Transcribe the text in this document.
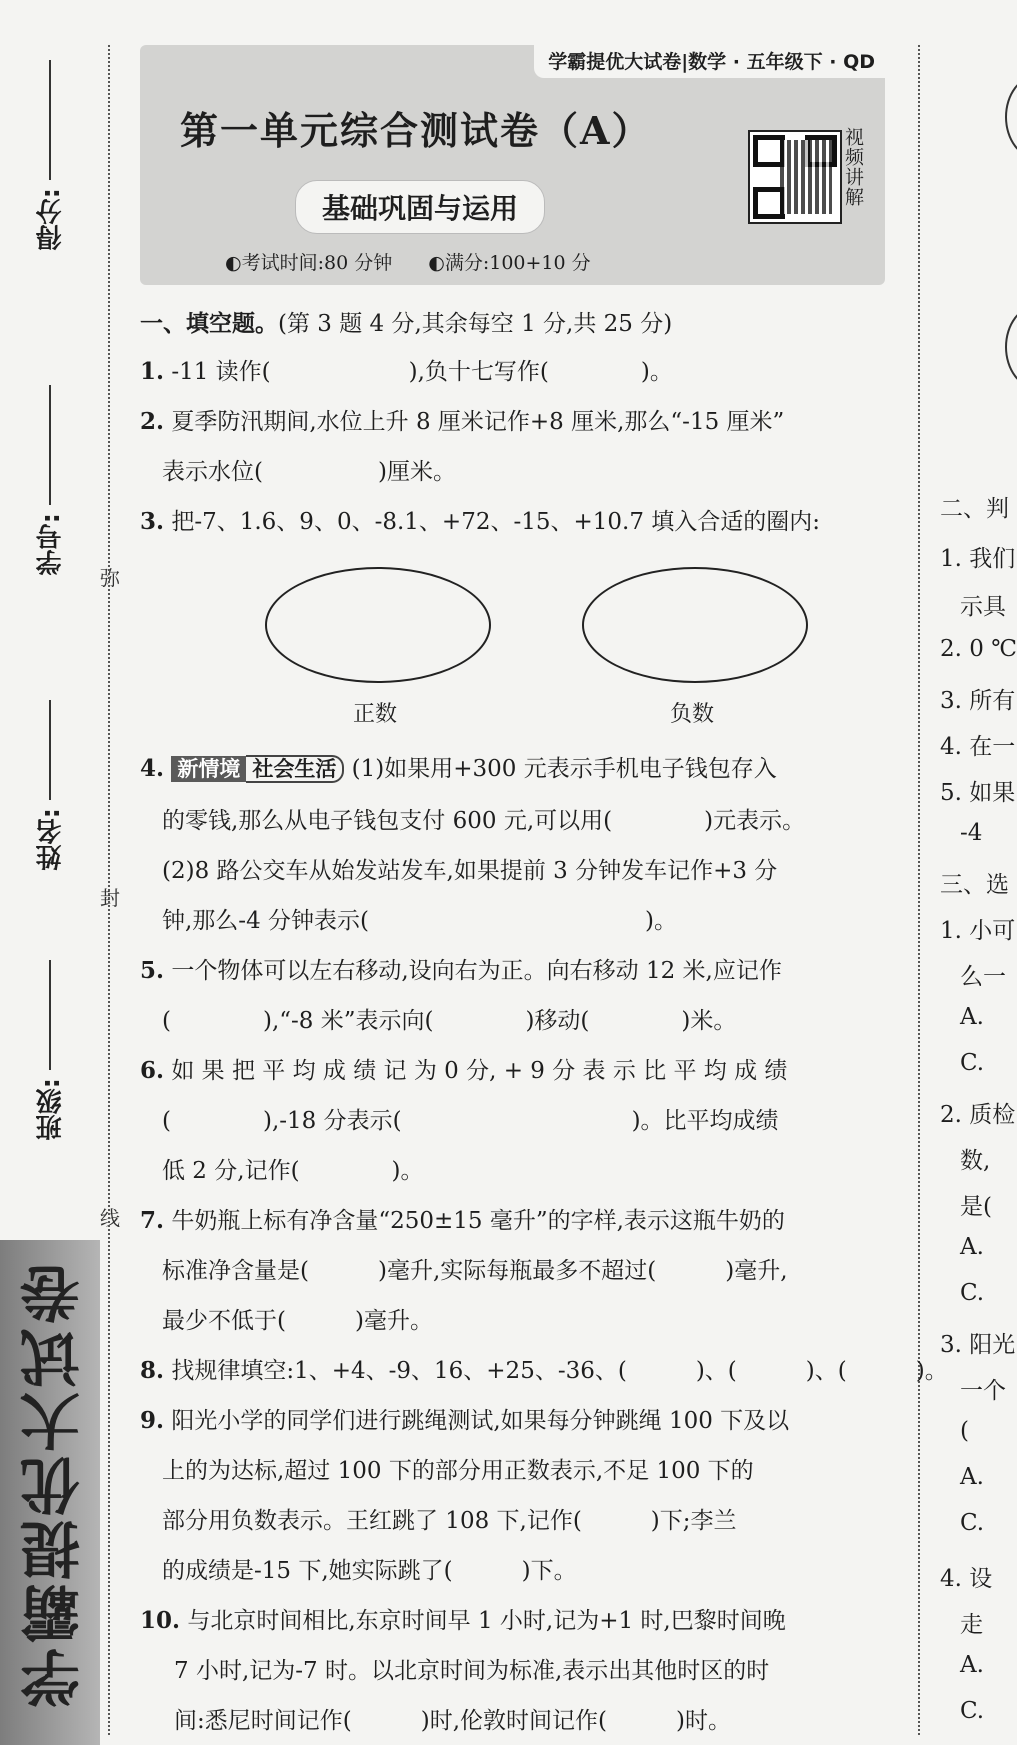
得分:
学号:
姓名:
班级:
弥
封
线
学霸提优大试卷
学霸提优大试卷|数学 · 五年级下 · QD
第一单元综合测试卷（A）
基础巩固与运用
视频讲解
◐考试时间:80 分钟 ◐满分:100+10 分
一、填空题。(第 3 题 4 分,其余每空 1 分,共 25 分)
1. -11 读作(　　　　　　),负十七写作(　　　　)。
2. 夏季防汛期间,水位上升 8 厘米记作+8 厘米,那么“-15 厘米”
表示水位(　　　　　)厘米。
3. 把-7、1.6、9、0、-8.1、+72、-15、+10.7 填入合适的圈内:
正数	负数
4. 新情境 社会生活 (1)如果用+300 元表示手机电子钱包存入
的零钱,那么从电子钱包支付 600 元,可以用(　　　　)元表示。
(2)8 路公交车从始发站发车,如果提前 3 分钟发车记作+3 分
钟,那么-4 分钟表示(　　　　　　　　　　　　)。
5. 一个物体可以左右移动,设向右为正。向右移动 12 米,应记作
(　　　　),“-8 米”表示向(　　　　)移动(　　　　)米。
6. 如 果 把 平 均 成 绩 记 为 0 分, + 9 分 表 示 比 平 均 成 绩
(　　　　),-18 分表示(　　　　　　　　　　)。比平均成绩
低 2 分,记作(　　　　)。
7. 牛奶瓶上标有净含量“250±15 毫升”的字样,表示这瓶牛奶的
标准净含量是(　　　)毫升,实际每瓶最多不超过(　　　)毫升,
最少不低于(　　　)毫升。
8. 找规律填空:1、+4、-9、16、+25、-36、(　　　)、(　　　)、(　　　)。
9. 阳光小学的同学们进行跳绳测试,如果每分钟跳绳 100 下及以
上的为达标,超过 100 下的部分用正数表示,不足 100 下的
部分用负数表示。王红跳了 108 下,记作(　　　)下;李兰
的成绩是-15 下,她实际跳了(　　　)下。
10. 与北京时间相比,东京时间早 1 小时,记为+1 时,巴黎时间晚
7 小时,记为-7 时。以北京时间为标准,表示出其他时区的时
间:悉尼时间记作(　　　)时,伦敦时间记作(　　　)时。
二、判
1. 我们
示具
2. 0 ℃
3. 所有
4. 在一
5. 如果
-4
三、选
1. 小可
么一
A.
C.
2. 质检
数,
是(
A.
C.
3. 阳光
一个
(
A.
C.
4. 设
走
A.
C.
